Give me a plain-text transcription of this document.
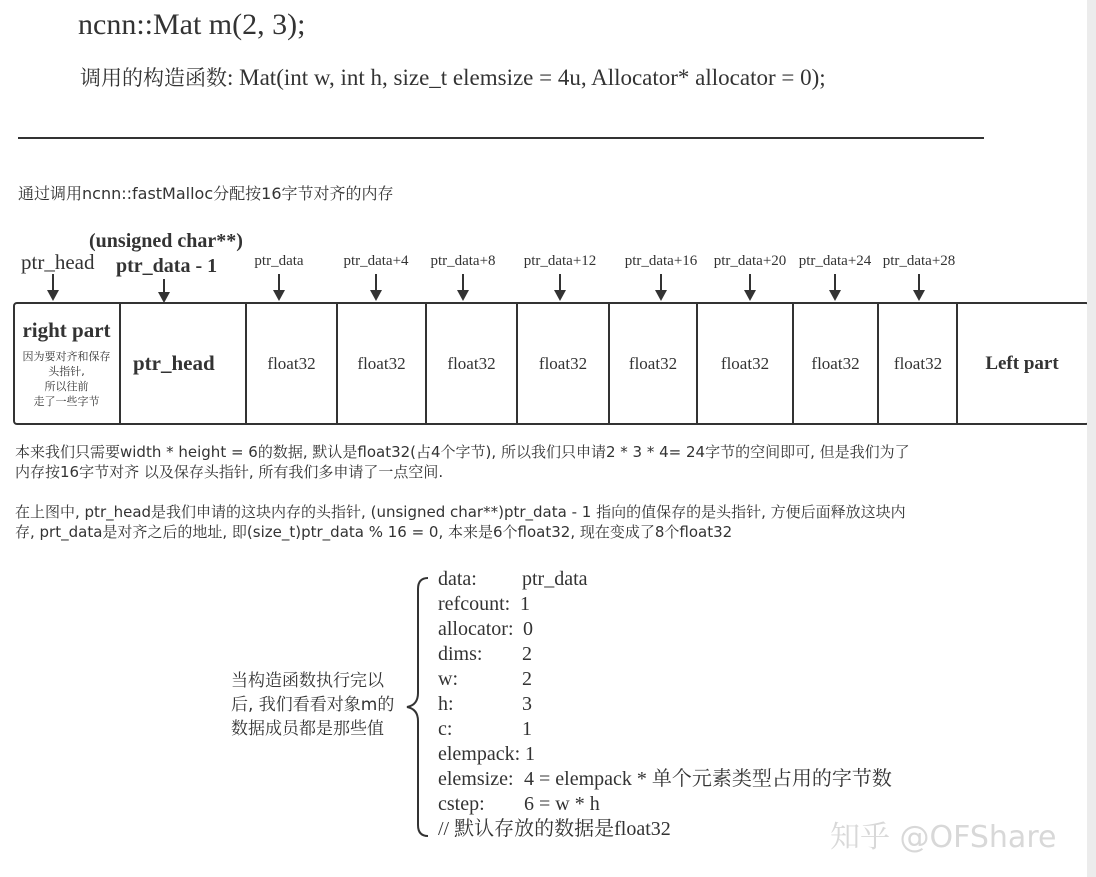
ncnn::Mat m(2, 3);
调用的构造函数: Mat(int w, int h, size_t elemsize = 4u, Allocator* allocator = 0);
通过调用ncnn::fastMalloc分配按16字节对齐的内存
ptr_head
(unsigned char**)
ptr_data - 1	ptr_data	ptr_data+4	ptr_data+8	ptr_data+12	ptr_data+16	ptr_data+20 ptr_data+24 ptr_data+28
right part
因为要对齐和保存
头指针,
所以往前
走了一些字节
ptr_head	float32	float32	float32	float32	float32	float32	float32	float32	Left part
本来我们只需要width * height = 6的数据, 默认是float32(占4个字节), 所以我们只申请2 * 3 * 4= 24字节的空间即可, 但是我们为了
内存按16字节对齐 以及保存头指针, 所有我们多申请了一点空间.
在上图中, ptr_head是我们申请的这块内存的头指针, (unsigned char**)ptr_data - 1 指向的值保存的是头指针, 方便后面释放这块内
存, prt_data是对齐之后的地址, 即(size_t)ptr_data % 16 = 0, 本来是6个float32, 现在变成了8个float32
当构造函数执行完以
后, 我们看看对象m的
数据成员都是那些值
data: ptr_data
refcount: 1
allocator: 0
dims: 2
w:	2
h:	3
c:	1
elempack: 1
elemsize: 4 = elempack * 单个元素类型占用的字节数
cstep: 6 = w * h
// 默认存放的数据是float32	知乎 @OFShare
